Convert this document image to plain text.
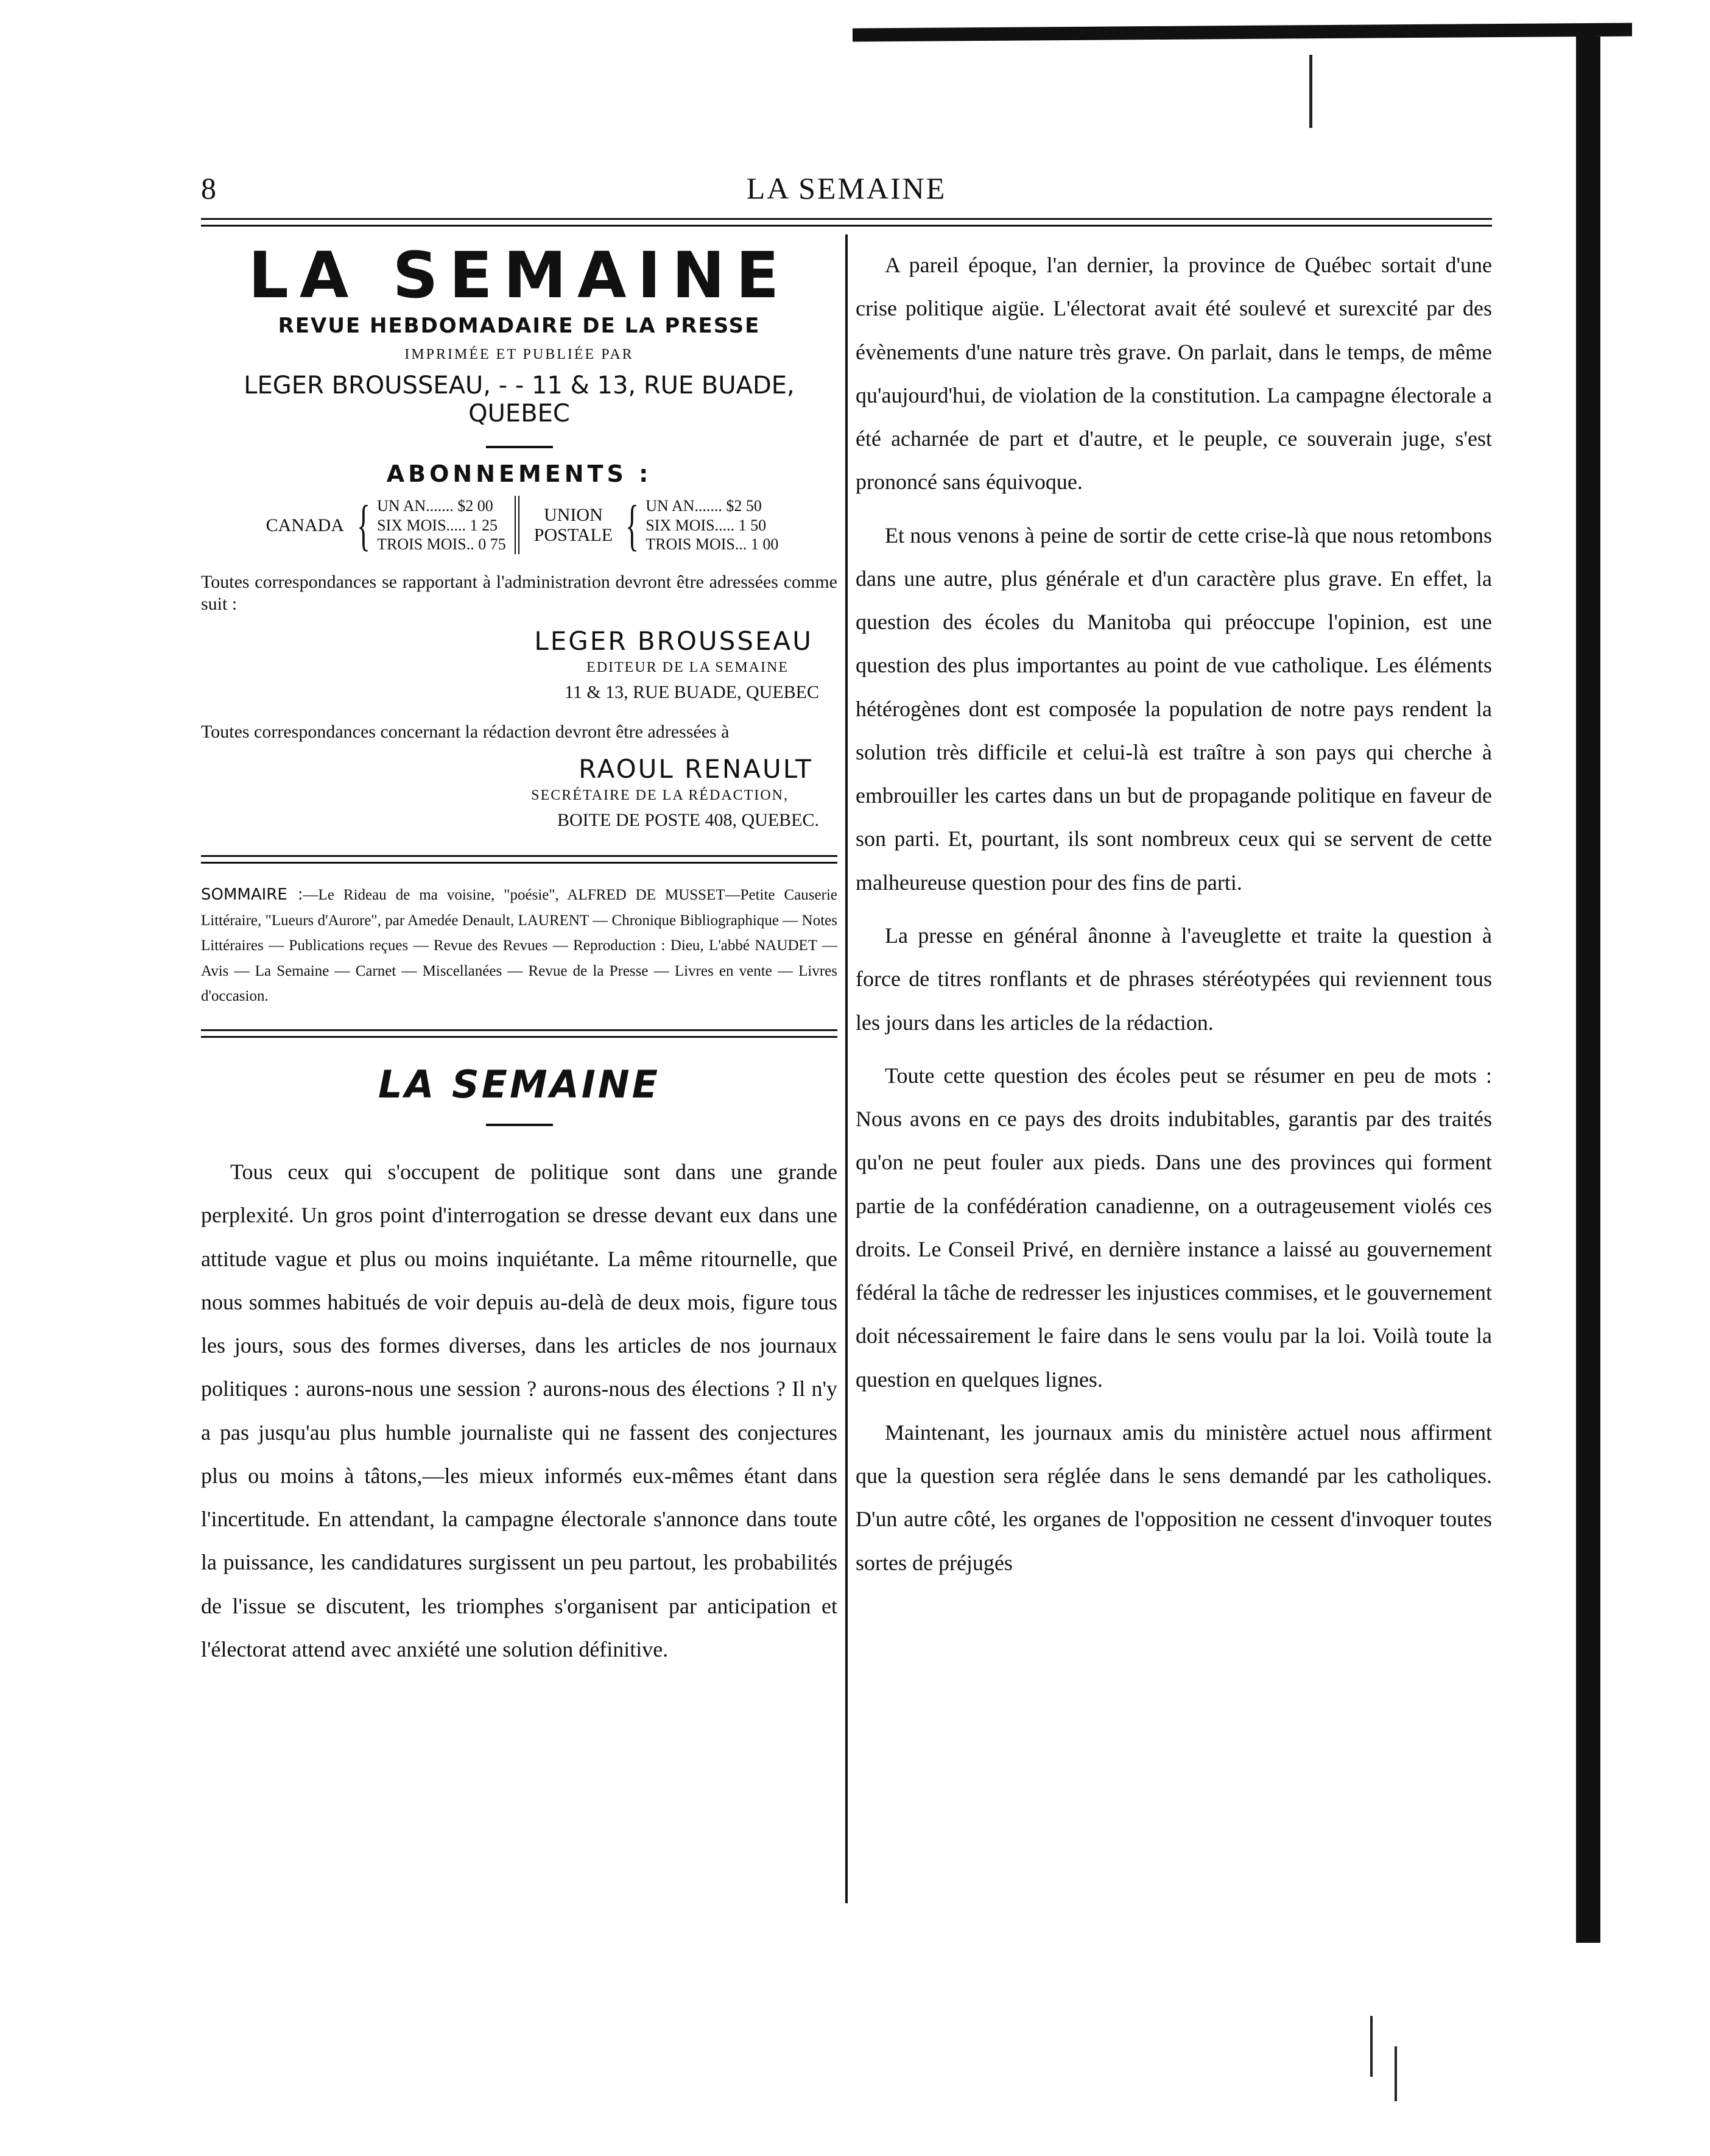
8	LA SEMAINE
LA SEMAINE
REVUE HEBDOMADAIRE DE LA PRESSE
IMPRIMÉE ET PUBLIÉE PAR
LEGER BROUSSEAU, - - 11 & 13, RUE BUADE, QUEBEC
ABONNEMENTS :
CANADA { UN AN....... $2 00
SIX MOIS..... 1 25
TROIS MOIS.. 0 75
UNION
POSTALE { UN AN....... $2 50
SIX MOIS..... 1 50
TROIS MOIS... 1 00
Toutes correspondances se rapportant à l'administration devront être adressées comme suit :
LEGER BROUSSEAU
EDITEUR DE LA SEMAINE
11 & 13, RUE BUADE, QUEBEC
Toutes correspondances concernant la rédaction devront être adressées à
RAOUL RENAULT
SECRÉTAIRE DE LA RÉDACTION,
BOITE DE POSTE 408, QUEBEC.
SOMMAIRE :—Le Rideau de ma voisine, "poésie", ALFRED DE MUSSET—Petite Causerie Littéraire, "Lueurs d'Aurore", par Amedée Denault, LAURENT — Chronique Bibliographique — Notes Littéraires — Publications reçues — Revue des Revues — Reproduction : Dieu, L'abbé NAUDET — Avis — La Semaine — Carnet — Miscellanées — Revue de la Presse — Livres en vente — Livres d'occasion.
LA SEMAINE

Tous ceux qui s'occupent de politique sont dans une grande perplexité. Un gros point d'interrogation se dresse devant eux dans une attitude vague et plus ou moins inquiétante. La même ritournelle, que nous sommes habitués de voir depuis au-delà de deux mois, figure tous les jours, sous des formes diverses, dans les articles de nos journaux politiques : aurons-nous une session ? aurons-nous des élections ? Il n'y a pas jusqu'au plus humble journaliste qui ne fassent des conjectures plus ou moins à tâtons,—les mieux informés eux-mêmes étant dans l'incertitude. En attendant, la campagne électorale s'annonce dans toute la puissance, les candidatures surgissent un peu partout, les probabilités de l'issue se discutent, les triomphes s'organisent par anticipation et l'électorat attend avec anxiété une solution définitive.

A pareil époque, l'an dernier, la province de Québec sortait d'une crise politique aigüe. L'électorat avait été soulevé et surexcité par des évènements d'une nature très grave. On parlait, dans le temps, de même qu'aujourd'hui, de violation de la constitution. La campagne électorale a été acharnée de part et d'autre, et le peuple, ce souverain juge, s'est prononcé sans équivoque.

Et nous venons à peine de sortir de cette crise-là que nous retombons dans une autre, plus générale et d'un caractère plus grave. En effet, la question des écoles du Manitoba qui préoccupe l'opinion, est une question des plus importantes au point de vue catholique. Les éléments hétérogènes dont est composée la population de notre pays rendent la solution très difficile et celui-là est traître à son pays qui cherche à embrouiller les cartes dans un but de propagande politique en faveur de son parti. Et, pourtant, ils sont nombreux ceux qui se servent de cette malheureuse question pour des fins de parti.

La presse en général ânonne à l'aveuglette et traite la question à force de titres ronflants et de phrases stéréotypées qui reviennent tous les jours dans les articles de la rédaction.

Toute cette question des écoles peut se résumer en peu de mots : Nous avons en ce pays des droits indubitables, garantis par des traités qu'on ne peut fouler aux pieds. Dans une des provinces qui forment partie de la confédération canadienne, on a outrageusement violés ces droits. Le Conseil Privé, en dernière instance a laissé au gouvernement fédéral la tâche de redresser les injustices commises, et le gouvernement doit nécessairement le faire dans le sens voulu par la loi. Voilà toute la question en quelques lignes.

Maintenant, les journaux amis du ministère actuel nous affirment que la question sera réglée dans le sens demandé par les catholiques. D'un autre côté, les organes de l'opposition ne cessent d'invoquer toutes sortes de préjugés
